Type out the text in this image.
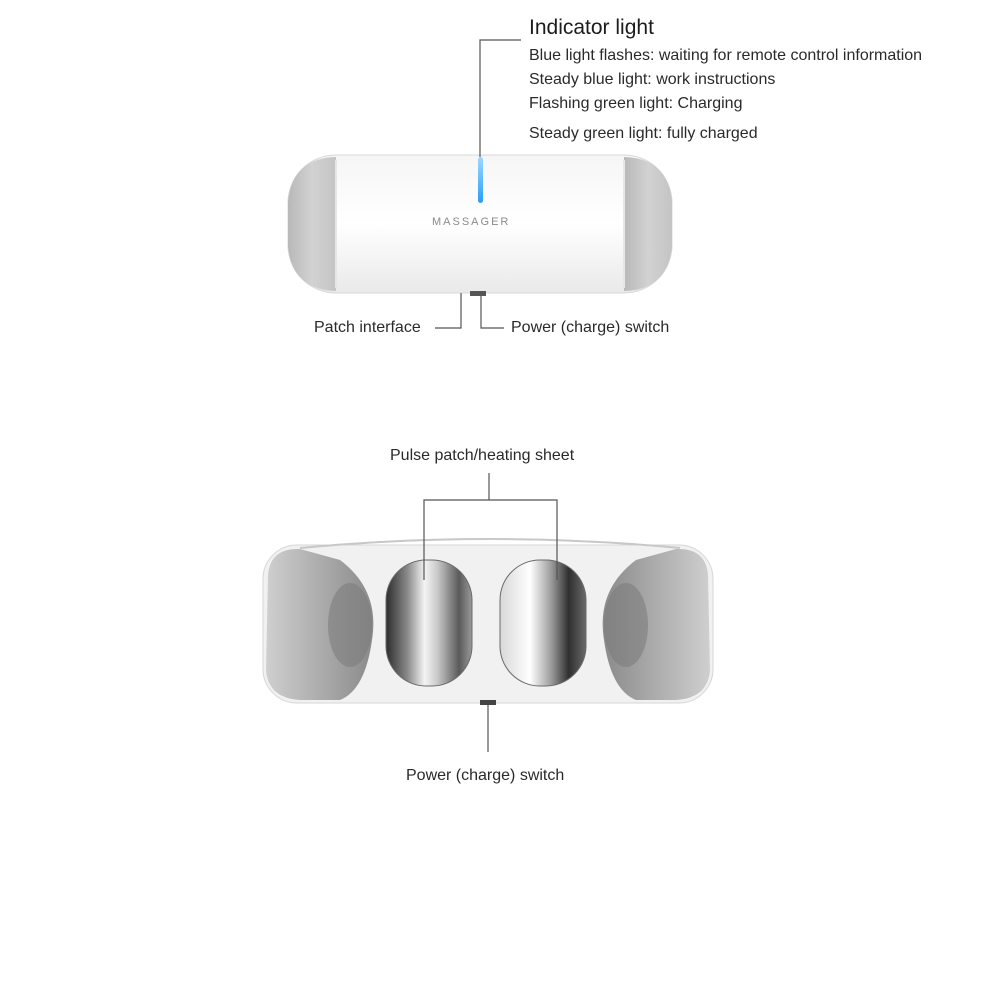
MASSAGER
Indicator light
Blue light flashes: waiting for remote control information
Steady blue light: work instructions
Flashing green light: Charging
Steady green light: fully charged
Patch interface	Power (charge) switch
Pulse patch/heating sheet
Power (charge) switch
